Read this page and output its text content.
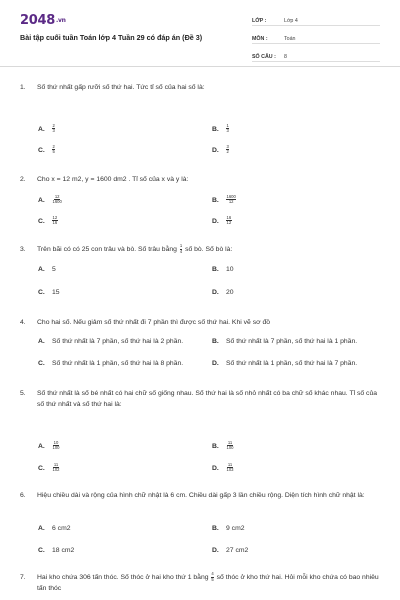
$2048^{.vn}$
Bài tập cuối tuần Toán lớp 4 Tuần 29 có đáp án (Đề 3)
LỚP :	Lớp 4
MÔN :	Toán
SỐ CÂU :	8
1.	Số thứ nhất gấp rưỡi số thứ hai. Tức tỉ số của hai số là:
A. $\frac{2}{3}$	B. $\frac{1}{3}$
C. $\frac{2}{5}$	D. $\frac{3}{2}$
2.	Cho x = 12 m2, y = 1600 dm2 . Tỉ số của x và y là:
A. $\frac{12}{1600}$	B. $\frac{1600}{12}$
C. $\frac{12}{16}$	D. $\frac{16}{12}$
3.	Trên bãi có có 25 con trâu và bò. Số trâu bằng $\frac{1}{4}$ số bò. Số bò là:
A. 5	B. 10
C. 15	D. 20
4.	Cho hai số. Nếu giảm số thứ nhất đi 7 phần thì được số thứ hai. Khi vẽ sơ đồ
A. Số thứ nhất là 7 phần, số thứ hai là 2 phần.	B. Số thứ nhất là 7 phần, số thứ hai là 1 phần.
C. Số thứ nhất là 1 phần, số thứ hai là 8 phần.	D. Số thứ nhất là 1 phần, số thứ hai là 7 phần.
5.	Số thứ nhất là số bé nhất có hai chữ số giống nhau. Số thứ hai là số nhỏ nhất có ba chữ số khác nhau. Tỉ số của số thứ nhất và số thứ hai là:
A. $\frac{10}{100}$	B. $\frac{11}{100}$
C. $\frac{11}{102}$	D. $\frac{11}{103}$
6.	Hiệu chiều dài và rộng của hình chữ nhật là 6 cm. Chiều dài gấp 3 lần chiều rộng. Diện tích hình chữ nhật là:
A. 6 cm2	B. 9 cm2
C. 18 cm2	D. 27 cm2
7.	Hai kho chứa 306 tấn thóc. Số thóc ở hai kho thứ 1 bằng $\frac{4}{5}$ số thóc ở kho thứ hai. Hỏi mỗi kho chứa có bao nhiêu tấn thóc
